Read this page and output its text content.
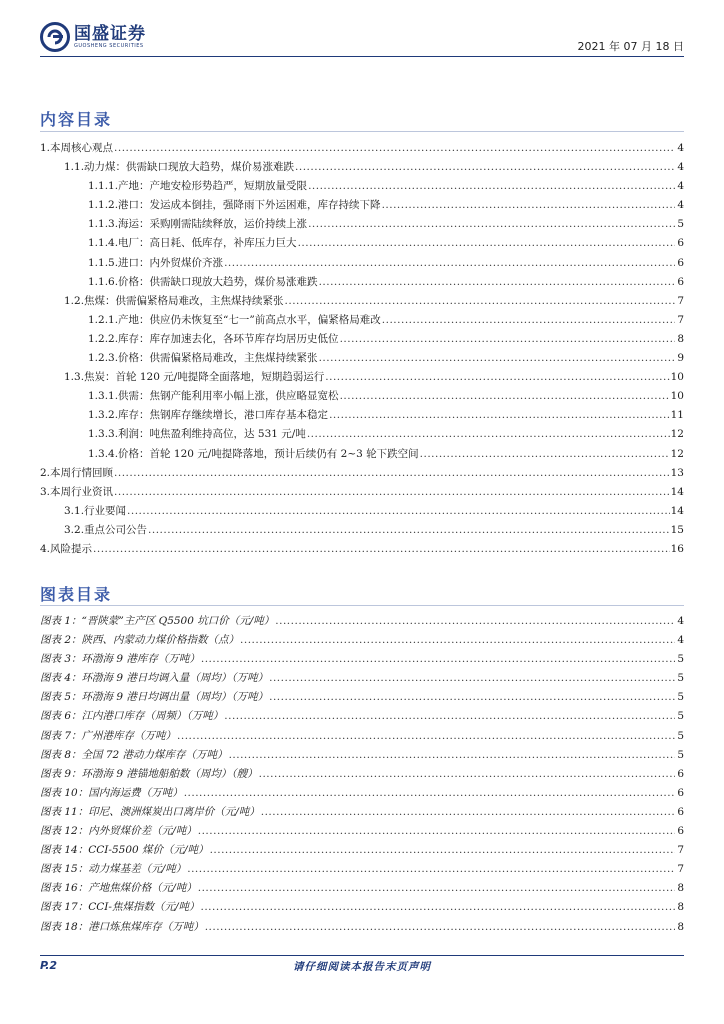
国盛证券
GUOSHENG SECURITIES	2021 年 07 月 18 日
内容目录
1.本周核心观点 .....	4
1.1.动力煤：供需缺口现放大趋势，煤价易涨难跌 .....	4
1.1.1.产地：产地安检形势趋严，短期放量受限 .....	4
1.1.2.港口：发运成本倒挂，强降雨下外运困难，库存持续下降 .....	4
1.1.3.海运：采购刚需陆续释放，运价持续上涨 .....	5
1.1.4.电厂：高日耗、低库存，补库压力巨大 .....	6
1.1.5.进口：内外贸煤价齐涨 .....	6
1.1.6.价格：供需缺口现放大趋势，煤价易涨难跌 .....	6
1.2.焦煤：供需偏紧格局难改，主焦煤持续紧张 .....	7
1.2.1.产地：供应仍未恢复至“七一”前高点水平，偏紧格局难改 .....	7
1.2.2.库存：库存加速去化，各环节库存均居历史低位 .....	8
1.2.3.价格：供需偏紧格局难改，主焦煤持续紧张 .....	9
1.3.焦炭：首轮 120 元/吨提降全面落地，短期趋弱运行 .....	10
1.3.1.供需：焦钢产能利用率小幅上涨，供应略显宽松 .....	10
1.3.2.库存：焦钢库存继续增长，港口库存基本稳定 .....	11
1.3.3.利润：吨焦盈利维持高位，达 531 元/吨 .....	12
1.3.4.价格：首轮 120 元/吨提降落地，预计后续仍有 2~3 轮下跌空间 .....	12
2.本周行情回顾 .....	13
3.本周行业资讯 .....	14
3.1.行业要闻 .....	14
3.2.重点公司公告 .....	15
4.风险提示 .....	16
图表目录
图表 1：“晋陕蒙”主产区 Q5500 坑口价（元/吨） .....	4
图表 2：陕西、内蒙动力煤价格指数（点） .....	4
图表 3：环渤海 9 港库存（万吨） .....	5
图表 4：环渤海 9 港日均调入量（周均）（万吨） .....	5
图表 5：环渤海 9 港日均调出量（周均）（万吨） .....	5
图表 6：江内港口库存（周频）（万吨） .....	5
图表 7：广州港库存（万吨） .....	5
图表 8：全国 72 港动力煤库存（万吨） .....	5
图表 9：环渤海 9 港锚地船舶数（周均）（艘） .....	6
图表 10：国内海运费（万吨） .....	6
图表 11：印尼、澳洲煤炭出口离岸价（元/吨） .....	6
图表 12：内外贸煤价差（元/吨） .....	6
图表 14：CCI-5500 煤价（元/吨） .....	7
图表 15：动力煤基差（元/吨） .....	7
图表 16：产地焦煤价格（元/吨） .....	8
图表 17：CCI-焦煤指数（元/吨） .....	8
图表 18：港口炼焦煤库存（万吨） .....	8
P.2	请仔细阅读本报告末页声明
